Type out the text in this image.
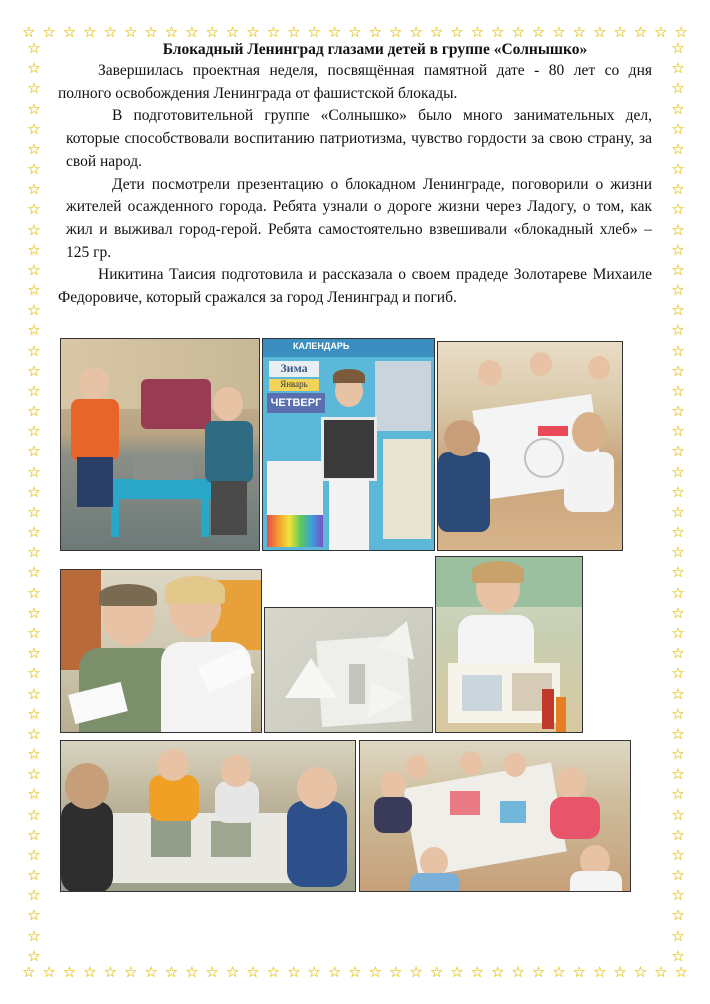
☆ ☆ ☆ ☆ ☆ ☆ ☆ ☆ ☆ ☆ ☆ ☆ ☆ ☆ ☆ ☆ ☆ ☆ ☆ ☆ ☆ ☆ ☆ ☆ ☆ ☆ ☆ ☆ ☆ ☆ ☆ ☆ ☆
☆ ☆ ☆ ☆ ☆ ☆ ☆ ☆ ☆ ☆ ☆ ☆ ☆ ☆ ☆ ☆ ☆ ☆ ☆ ☆ ☆ ☆ ☆ ☆ ☆ ☆ ☆ ☆ ☆ ☆ ☆ ☆ ☆
☆
☆
☆
☆
☆
☆
☆
☆
☆
☆
☆
☆
☆
☆
☆
☆
☆
☆
☆
☆
☆
☆
☆
☆
☆
☆
☆
☆
☆
☆
☆
☆
☆
☆
☆
☆
☆
☆
☆
☆
☆
☆
☆
☆
☆
☆
☆
☆
☆
☆
☆
☆
☆
☆
☆
☆
☆
☆
☆
☆
☆
☆
☆
☆
☆
☆
☆
☆
☆
☆
☆
☆
☆
☆
☆
☆
☆
☆
☆
☆
☆
☆
☆
☆
☆
☆
☆
☆
☆
☆
☆
☆
Блокадный Ленинград глазами детей в группе «Солнышко»

Завершилась проектная неделя, посвящённая памятной дате - 80 лет со дня полного освобождения Ленинграда от фашистской блокады.

В подготовительной группе «Солнышко» было много занимательных дел, которые способствовали воспитанию патриотизма, чувство гордости за свою страну, за свой народ.

Дети посмотрели презентацию о блокадном Ленинграде, поговорили о жизни жителей осажденного города. Ребята узнали о дороге жизни через Ладогу, о том, как жил и выживал город-герой. Ребята самостоятельно взвешивали «блокадный хлеб» – 125 гр.

Никитина Таисия подготовила и рассказала о своем прадеде Золотареве Михаиле Федоровиче, который сражался за город Ленинград и погиб.

КАЛЕНДАРЬ
Зима
Январь
ЧЕТВЕРГ
